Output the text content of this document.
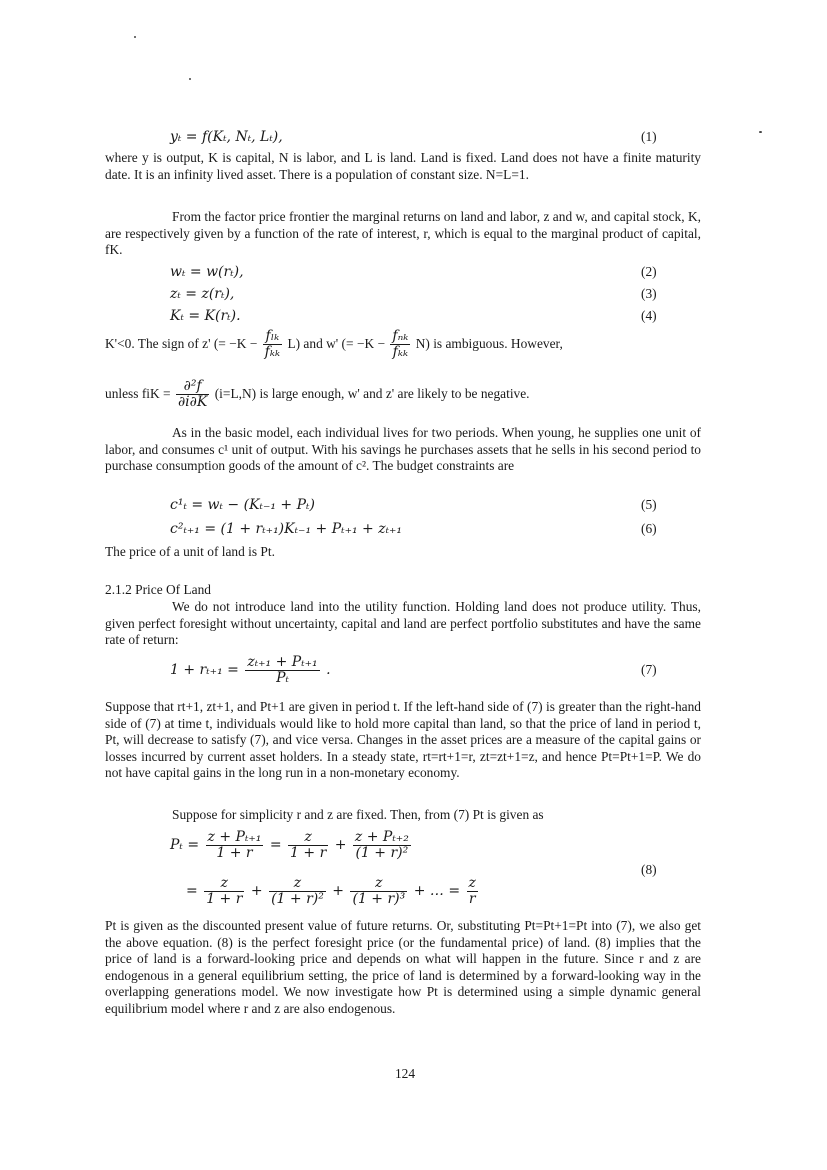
yₜ = f(Kₜ, Nₜ, Lₜ),	(1)
where y is output, K is capital, N is labor, and L is land. Land is fixed. Land does not have a finite maturity date. It is an infinity lived asset. There is a population of constant size. N=L=1.
From the factor price frontier the marginal returns on land and labor, z and w, and capital stock, K, are respectively given by a function of the rate of interest, r, which is equal to the marginal product of capital, fK.
wₜ = w(rₜ),	(2)
zₜ = z(rₜ),	(3)
Kₜ = K(rₜ).	(4)
K'<0. The sign of z' (= $-K - \frac{\text{fₗₖ}}{\text{fₖₖ}} L$) and w' (= $-K - \frac{\text{fₙₖ}}{\text{fₖₖ}} N$) is ambiguous. However,
unless fiK = $\frac{\text{∂²f}}{\partial i\partial K} (i=L,N)$ is large enough, w' and z' are likely to be negative.
As in the basic model, each individual lives for two periods. When young, he supplies one unit of labor, and consumes c¹ unit of output. With his savings he purchases assets that he sells in his second period to purchase consumption goods of the amount of c². The budget constraints are
c¹ₜ = wₜ − (Kₜ₋₁ + Pₜ)	(5)
c²ₜ₊₁ = (1 + rₜ₊₁)Kₜ₋₁ + Pₜ₊₁ + zₜ₊₁	(6)
The price of a unit of land is Pt.
2.1.2 Price Of Land
We do not introduce land into the utility function. Holding land does not produce utility. Thus, given perfect foresight without uncertainty, capital and land are perfect portfolio substitutes and have the same rate of return:
$1 + r_{t+1} = \frac{\text{zₜ₊₁ + Pₜ₊₁}}{\text{Pₜ}}$ .	(7)
Suppose that rt+1, zt+1, and Pt+1 are given in period t. If the left-hand side of (7) is greater than the right-hand side of (7) at time t, individuals would like to hold more capital than land, so that the price of land in period t, Pt, will decrease to satisfy (7), and vice versa. Changes in the asset prices are a measure of the capital gains or losses incurred by current asset holders. In a steady state, rt=rt+1=r, zt=zt+1=z, and hence Pt=Pt+1=P. We do not have capital gains in the long run in a non-monetary economy.
Suppose for simplicity r and z are fixed. Then, from (7) Pt is given as
$P_t = \frac{\text{z + Pₜ₊₁}}{1 + r} = \frac{z}{1 + r} + \frac{\text{z + Pₜ₊₂}}{\text{(1 + r)²}}$
= $\frac{z}{1 + r} + \frac{z}{\text{(1 + r)²}} + \frac{z}{\text{(1 + r)³}}$ + … = $\frac{z}{r}$
(8)
Pt is given as the discounted present value of future returns. Or, substituting Pt=Pt+1=Pt into (7), we also get the above equation. (8) is the perfect foresight price (or the fundamental price) of land. (8) implies that the price of land is a forward-looking price and depends on what will happen in the future. Since r and z are endogenous in a general equilibrium setting, the price of land is determined by a forward-looking way in the overlapping generations model. We now investigate how Pt is determined using a simple dynamic general equilibrium model where r and z are also endogenous.
124
